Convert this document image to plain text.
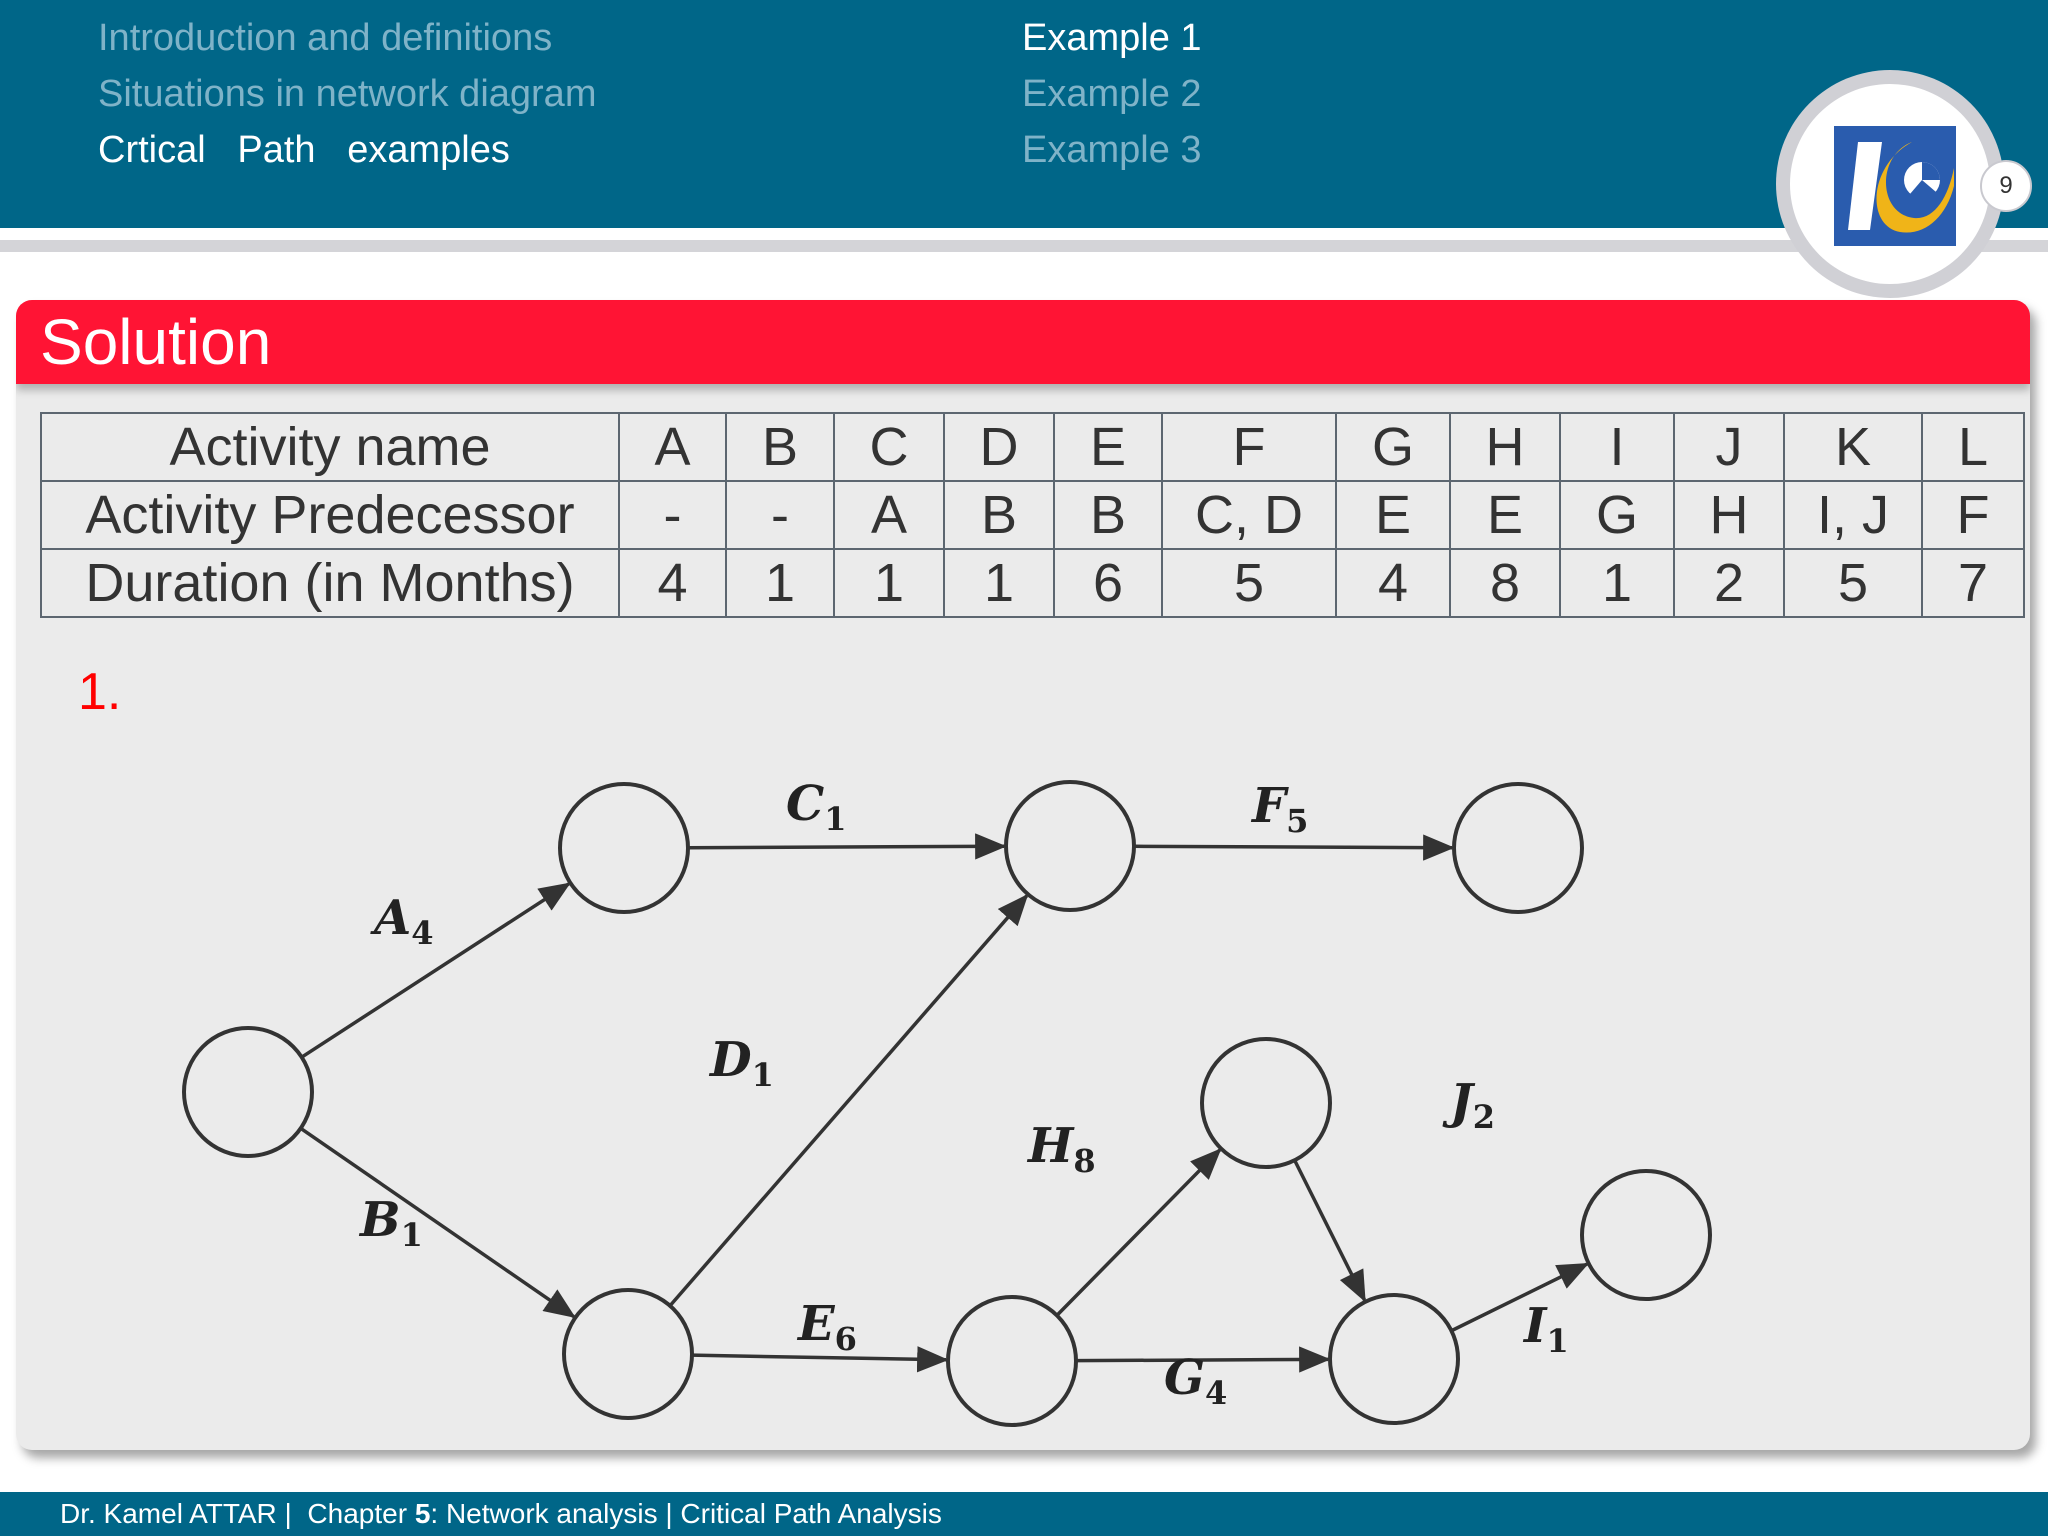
Introduction and definitions
Situations in network diagram
Crtical   Path   examples
Example 1
Example 2
Example 3
9
Solution
Activity name	A	B	C	D	E	F	G	H	I	J	K	L
Activity Predecessor	-	-	A	B	B	C, D	E	E	G	H	I, J	F
Duration (in Months)	4	1	1	1	6	5	4	8	1	2	5	7
1.
A4
C1	F5
D1
B1
E6
H8
J2
G4
I1
Dr. Kamel ATTAR |  Chapter 5: Network analysis | Critical Path Analysis
